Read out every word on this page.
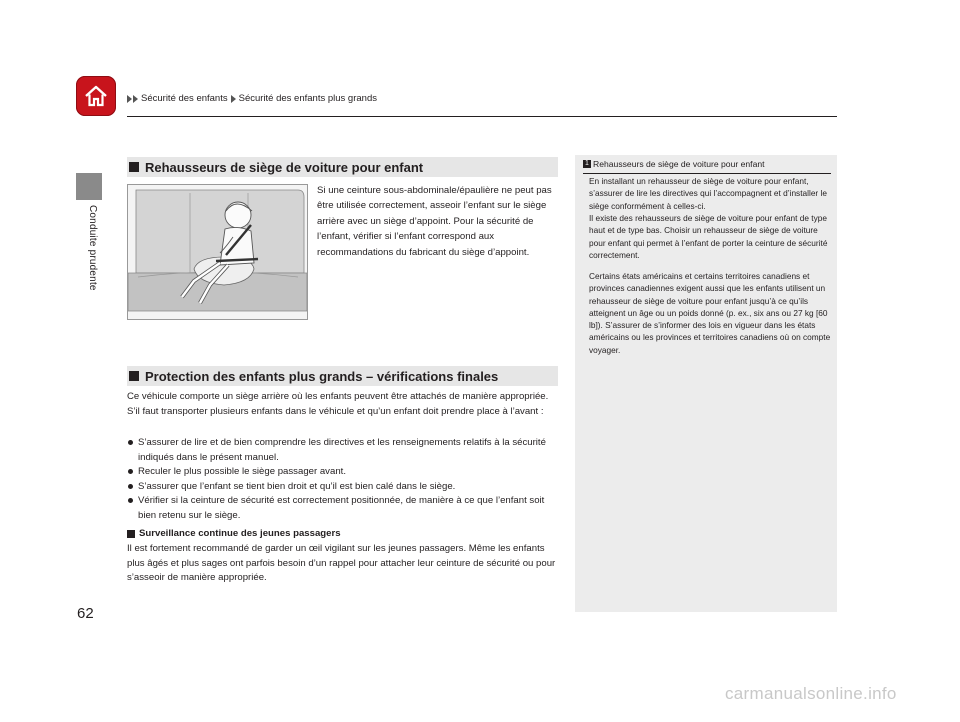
Sécurité des enfants Sécurité des enfants plus grands
Conduite prudente
Rehausseurs de siège de voiture pour enfant
Si une ceinture sous-abdominale/épaulière ne peut pas être utilisée correctement, asseoir l’enfant sur le siège arrière avec un siège d’appoint. Pour la sécurité de l’enfant, vérifier si l’enfant correspond aux recommandations du fabricant du siège d’appoint.
Protection des enfants plus grands – vérifications finales
Ce véhicule comporte un siège arrière où les enfants peuvent être attachés de manière appropriée. S’il faut transporter plusieurs enfants dans le véhicule et qu’un enfant doit prendre place à l’avant :
S’assurer de lire et de bien comprendre les directives et les renseignements relatifs à la sécurité indiqués dans le présent manuel.
Reculer le plus possible le siège passager avant.
S’assurer que l’enfant se tient bien droit et qu’il est bien calé dans le siège.
Vérifier si la ceinture de sécurité est correctement positionnée, de manière à ce que l’enfant soit bien retenu sur le siège.
Surveillance continue des jeunes passagers
Il est fortement recommandé de garder un œil vigilant sur les jeunes passagers. Même les enfants plus âgés et plus sages ont parfois besoin d’un rappel pour attacher leur ceinture de sécurité ou pour s’asseoir de manière appropriée.
1 Rehausseurs de siège de voiture pour enfant
En installant un rehausseur de siège de voiture pour enfant, s’assurer de lire les directives qui l’accompagnent et d’installer le siège conformément à celles-ci.
Il existe des rehausseurs de siège de voiture pour enfant de type haut et de type bas. Choisir un rehausseur de siège de voiture pour enfant qui permet à l’enfant de porter la ceinture de sécurité correctement.
Certains états américains et certains territoires canadiens et provinces canadiennes exigent aussi que les enfants utilisent un rehausseur de siège de voiture pour enfant jusqu’à ce qu’ils atteignent un âge ou un poids donné (p. ex., six ans ou 27 kg [60 lb]). S’assurer de s’informer des lois en vigueur dans les états américains ou les provinces et territoires canadiens où on compte voyager.
62
carmanualsonline.info
